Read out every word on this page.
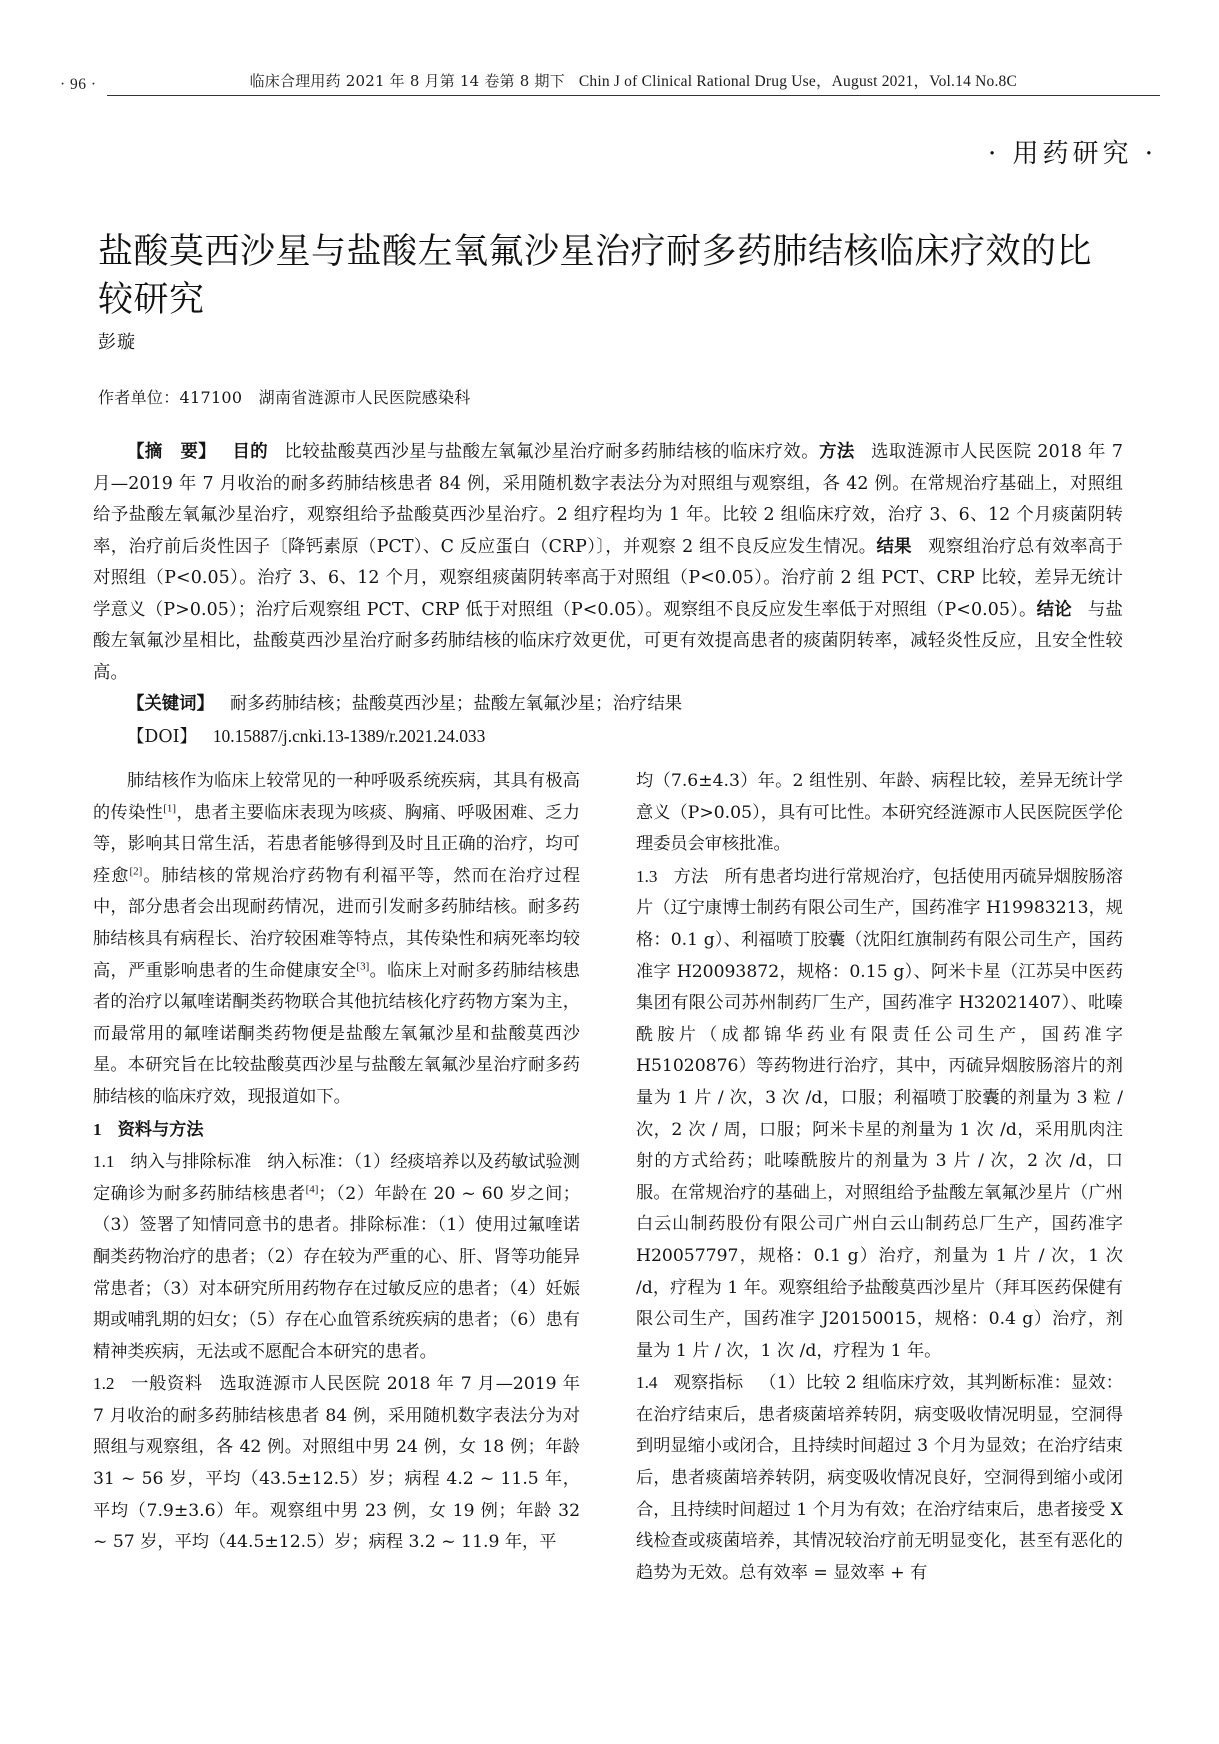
· 96 ·	临床合理用药 2021 年 8 月第 14 卷第 8 期下 Chin J of Clinical Rational Drug Use，August 2021，Vol.14 No.8C
· 用药研究 ·
盐酸莫西沙星与盐酸左氧氟沙星治疗耐多药肺结核临床疗效的比较研究
彭璇
作者单位：417100　湖南省涟源市人民医院感染科
【摘　要】 目的 比较盐酸莫西沙星与盐酸左氧氟沙星治疗耐多药肺结核的临床疗效。方法 选取涟源市人民医院 2018 年 7 月—2019 年 7 月收治的耐多药肺结核患者 84 例，采用随机数字表法分为对照组与观察组，各 42 例。在常规治疗基础上，对照组给予盐酸左氧氟沙星治疗，观察组给予盐酸莫西沙星治疗。2 组疗程均为 1 年。比较 2 组临床疗效，治疗 3、6、12 个月痰菌阴转率，治疗前后炎性因子〔降钙素原（PCT）、C 反应蛋白（CRP）〕，并观察 2 组不良反应发生情况。结果 观察组治疗总有效率高于对照组（P<0.05）。治疗 3、6、12 个月，观察组痰菌阴转率高于对照组（P<0.05）。治疗前 2 组 PCT、CRP 比较，差异无统计学意义（P>0.05）；治疗后观察组 PCT、CRP 低于对照组（P<0.05）。观察组不良反应发生率低于对照组（P<0.05）。结论 与盐酸左氧氟沙星相比，盐酸莫西沙星治疗耐多药肺结核的临床疗效更优，可更有效提高患者的痰菌阴转率，减轻炎性反应，且安全性较高。
【关键词】 耐多药肺结核；盐酸莫西沙星；盐酸左氧氟沙星；治疗结果
【DOI】 10.15887/j.cnki.13-1389/r.2021.24.033

肺结核作为临床上较常见的一种呼吸系统疾病，其具有极高的传染性[1]，患者主要临床表现为咳痰、胸痛、呼吸困难、乏力等，影响其日常生活，若患者能够得到及时且正确的治疗，均可痊愈[2]。肺结核的常规治疗药物有利福平等，然而在治疗过程中，部分患者会出现耐药情况，进而引发耐多药肺结核。耐多药肺结核具有病程长、治疗较困难等特点，其传染性和病死率均较高，严重影响患者的生命健康安全[3]。临床上对耐多药肺结核患者的治疗以氟喹诺酮类药物联合其他抗结核化疗药物方案为主，而最常用的氟喹诺酮类药物便是盐酸左氧氟沙星和盐酸莫西沙星。本研究旨在比较盐酸莫西沙星与盐酸左氧氟沙星治疗耐多药肺结核的临床疗效，现报道如下。

1 资料与方法

1.1 纳入与排除标准 纳入标准：（1）经痰培养以及药敏试验测定确诊为耐多药肺结核患者[4]；（2）年龄在 20 ~ 60 岁之间；（3）签署了知情同意书的患者。排除标准：（1）使用过氟喹诺酮类药物治疗的患者；（2）存在较为严重的心、肝、肾等功能异常患者；（3）对本研究所用药物存在过敏反应的患者；（4）妊娠期或哺乳期的妇女；（5）存在心血管系统疾病的患者；（6）患有精神类疾病，无法或不愿配合本研究的患者。

1.2 一般资料 选取涟源市人民医院 2018 年 7 月—2019 年 7 月收治的耐多药肺结核患者 84 例，采用随机数字表法分为对照组与观察组，各 42 例。对照组中男 24 例，女 18 例；年龄 31 ~ 56 岁，平均（43.5±12.5）岁；病程 4.2 ~ 11.5 年，平均（7.9±3.6）年。观察组中男 23 例，女 19 例；年龄 32 ~ 57 岁，平均（44.5±12.5）岁；病程 3.2 ~ 11.9 年，平

均（7.6±4.3）年。2 组性别、年龄、病程比较，差异无统计学意义（P>0.05），具有可比性。本研究经涟源市人民医院医学伦理委员会审核批准。

1.3 方法 所有患者均进行常规治疗，包括使用丙硫异烟胺肠溶片（辽宁康博士制药有限公司生产，国药准字 H19983213，规格：0.1 g）、利福喷丁胶囊（沈阳红旗制药有限公司生产，国药准字 H20093872，规格：0.15 g）、阿米卡星（江苏吴中医药集团有限公司苏州制药厂生产，国药准字 H32021407）、吡嗪酰胺片（成都锦华药业有限责任公司生产，国药准字 H51020876）等药物进行治疗，其中，丙硫异烟胺肠溶片的剂量为 1 片 / 次，3 次 /d，口服；利福喷丁胶囊的剂量为 3 粒 / 次，2 次 / 周，口服；阿米卡星的剂量为 1 次 /d，采用肌肉注射的方式给药；吡嗪酰胺片的剂量为 3 片 / 次，2 次 /d，口服。在常规治疗的基础上，对照组给予盐酸左氧氟沙星片（广州白云山制药股份有限公司广州白云山制药总厂生产，国药准字 H20057797，规格：0.1 g）治疗，剂量为 1 片 / 次，1 次 /d，疗程为 1 年。观察组给予盐酸莫西沙星片（拜耳医药保健有限公司生产，国药准字 J20150015，规格：0.4 g）治疗，剂量为 1 片 / 次，1 次 /d，疗程为 1 年。

1.4 观察指标 （1）比较 2 组临床疗效，其判断标准：显效：在治疗结束后，患者痰菌培养转阴，病变吸收情况明显，空洞得到明显缩小或闭合，且持续时间超过 3 个月为显效；在治疗结束后，患者痰菌培养转阴，病变吸收情况良好，空洞得到缩小或闭合，且持续时间超过 1 个月为有效；在治疗结束后，患者接受 X 线检查或痰菌培养，其情况较治疗前无明显变化，甚至有恶化的趋势为无效。总有效率 = 显效率 + 有
